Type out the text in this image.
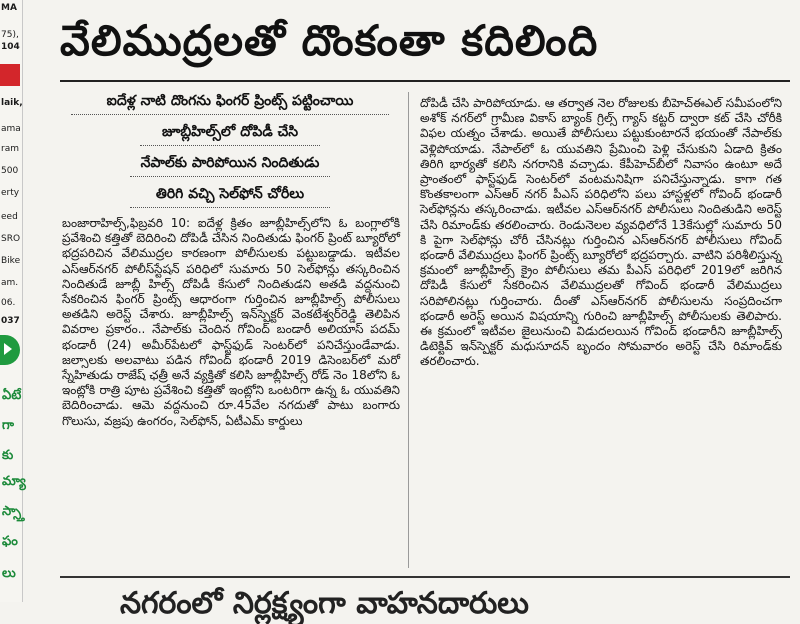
MA
75),
104
laik,
ama
ram
500
erty
eed
SRO
Bike
am.
06.
037
ఏటే
గా
కు
మ్యా
స్స్తా
ఫం
లు
వేలిముద్రలతో దొంకంతా కదిలింది
ఐదేళ్ల నాటి దొంగను ఫింగర్ ప్రింట్స్ పట్టించాయి
జూబ్లీహిల్స్‌లో దోపిడీ చేసి
నేపాల్‌కు పారిపోయిన నిందితుడు
తిరిగి వచ్చి సెల్‌ఫోన్ చోరీలు
బంజారాహిల్స్,ఫిబ్రవరి 10: ఐదేళ్ల క్రితం జూబ్లీహిల్స్‌లోని ఓ బంగ్లాలోకి ప్రవేశించి కత్తితో బెదిరించి దోపిడీ చేసిన నిందితుడు ఫింగర్ ప్రింట్ బ్యూరోలో భద్రపరిచిన వేలిముద్రల కారణంగా పోలీసులకు పట్టుబడ్డాడు. ఇటీవల ఎస్ఆర్‌నగర్ పోలీస్‌స్టేషన్ పరిధిలో సుమారు 50 సెల్‌ఫోన్లు తస్కరించిన నిందితుడే జూబ్లీ హిల్స్ దోపిడీ కేసులో నిందితుడని అతడి వద్దనుంచి సేకరించిన ఫింగర్ ప్రింట్స్ ఆధారంగా గుర్తించిన జూబ్లీహిల్స్ పోలీసులు అతడిని అరెస్ట్ చేశారు. జూబ్లీహిల్స్ ఇన్‌స్పెక్టర్ వెంకటేశ్వర్‌రెడ్డి తెలిపిన వివరాల ప్రకారం.. నేపాల్‌కు చెందిన గోవింద్ బండారీ అలియాస్ పదమ్ భండారీ (24) అమీర్‌పేటలో ఫాస్ట్‌ఫుడ్ సెంటర్‌లో పనిచేస్తుండేవాడు. జల్సాలకు అలవాటు పడిన గోవింద్ భండారీ 2019 డిసెంబర్‌లో మరో స్నేహితుడు రాజేష్ ఛత్రీ అనే వ్యక్తితో కలిసి జూబ్లీహిల్స్ రోడ్ నెం 18లోని ఓ ఇంట్లోకి రాత్రి పూట ప్రవేశించి కత్తితో ఇంట్లోని ఒంటరిగా ఉన్న ఓ యువతిని బెదిరించాడు. ఆమె వద్దనుంచి రూ.45వేల నగదుతో పాటు బంగారు గొలుసు, వజ్రపు ఉంగరం, సెల్‌ఫోన్, ఏటీఎమ్ కార్డులు
దోపిడీ చేసి పారిపోయాడు. ఆ తర్వాత నెల రోజులకు బీహెచ్ఈఎల్ సమీపంలోని అశోక్ నగర్‌లో గ్రామీణ వికాస్ బ్యాంక్ గ్రిల్స్ గ్యాస్ కట్టర్ ద్వారా కట్ చేసి చోరీకి విఫల యత్నం చేశాడు. అయితే పోలీసులు పట్టుకుంటారనే భయంతో నేపాల్‌కు వెళ్లిపోయాడు. నేపాల్‌లో ఓ యువతిని ప్రేమించి పెళ్లి చేసుకుని ఏడాది క్రితం తిరిగి భార్యతో కలిసి నగరానికి వచ్చాడు. కేపీహెచ్‌బీలో నివాసం ఉంటూ అదే ప్రాంతంలో ఫాస్ట్‌ఫుడ్ సెంటర్‌లో వంటమనిషిగా పనిచేస్తున్నాడు. కాగా గత కొంతకాలంగా ఎస్ఆర్ నగర్ పీఎస్ పరిధిలోని పలు హాస్టళ్లలో గోవింద్ భండారీ సెల్‌ఫోన్లను తస్కరించాడు. ఇటీవల ఎస్ఆర్‌నగర్ పోలీసులు నిందితుడిని అరెస్ట్ చేసి రిమాండ్‌కు తరలించారు. రెండునెలల వ్యవధిలోనే 13కేసుల్లో సుమారు 50 కి పైగా సెల్‌ఫోన్లు చోరీ చేసినట్లు గుర్తించిన ఎస్ఆర్‌నగర్ పోలీసులు గోవింద్ భండారీ వేలిముద్రలు ఫింగర్ ప్రింట్స్ బ్యూరోలో భద్రపర్చారు. వాటిని పరిశీలిస్తున్న క్రమంలో జూబ్లీహిల్స్ క్రైం పోలీసులు తమ పీఎస్ పరిధిలో 2019లో జరిగిన దోపిడీ కేసులో సేకరించిన వేలిముద్రలతో గోవింద్ భండారీ వేలిముద్రలు సరిపోలినట్లు గుర్తించారు. దీంతో ఎస్ఆర్‌నగర్ పోలీసులను సంప్రదించగా భండారీ అరెస్ట్ అయిన విషయాన్ని గురించి జూబ్లీహిల్స్ పోలీసులకు తెలిపారు. ఈ క్రమంలో ఇటీవల జైలునుంచి విడుదలయిన గోవింద్ భండారీని జూబ్లీహిల్స్ డిటెక్టివ్ ఇన్‌స్పెక్టర్ మధుసూదన్ బృందం సోమవారం అరెస్ట్ చేసి రిమాండ్‌కు తరలించారు.
నగరంలో నిర్లక్ష్యంగా వాహనదారులు
